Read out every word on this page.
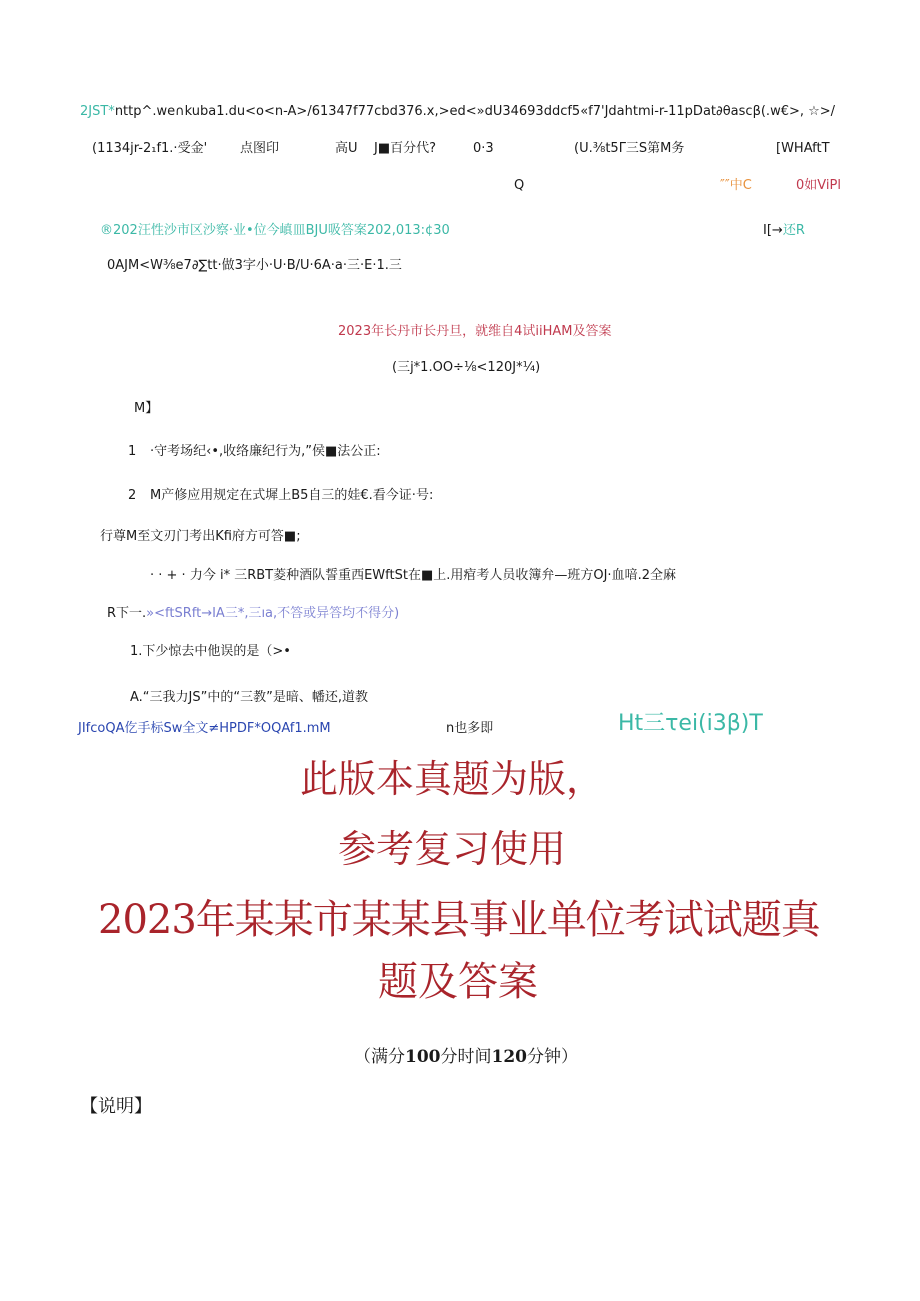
2JST*nttp^.we∩kuba1.du<o<n-A>/61347f77cbd376.x,>ed<»dU34693ddcf5«f7'Jdahtmi-r-11pDat∂θascβ(.w€>, ☆>/
(1134jr-2₁f1.·受金'	点图印	高U J■百分代?	0·3	(U.⅜t5Γ三S第M务	[WHAftT
Q	″″中C	0如ViPl
®202汪性沙市区沙察·业•位今嵮皿BJU吸答案202,013:¢30	I[→还R
0AJM<W⅜e7∂∑tt·做3字小·U·B/U·6A·a·三·E·1.三
2023年长丹市长丹旦，就维自4试iiHAM及答案
(三j*1.OO÷⅛<120J*¼)
M】
1 ·守考场纪‹•,收络廉纪行为,”侯■法公正:
2 M产修应用规定在式墀上B5自三的娃€.看今证·号:
行尊M至文刃门考出Kfi府方可答■;
· · + · 力今 i* 三RBT菱种酒队誓重西EWftSt在■上.用痯考人员收簿弁—班方OJ·血喑.2全麻
R下一.»<ftSRft→IA三*,三ıa,不答或异答均不得分)
1.下少惊去中他误的是（>•
A.“三我力JS”中的“三教”是暗、幡还,道教
JIfcoQA仡手标Sw全文≠HPDF*OQAf1.mM	n也多即	Ht三τei(i3β)T
此版本真题为版，
参考复习使用
2023年某某市某某县事业单位考试试题真
题及答案
（满分100分时间120分钟）
【说明】
